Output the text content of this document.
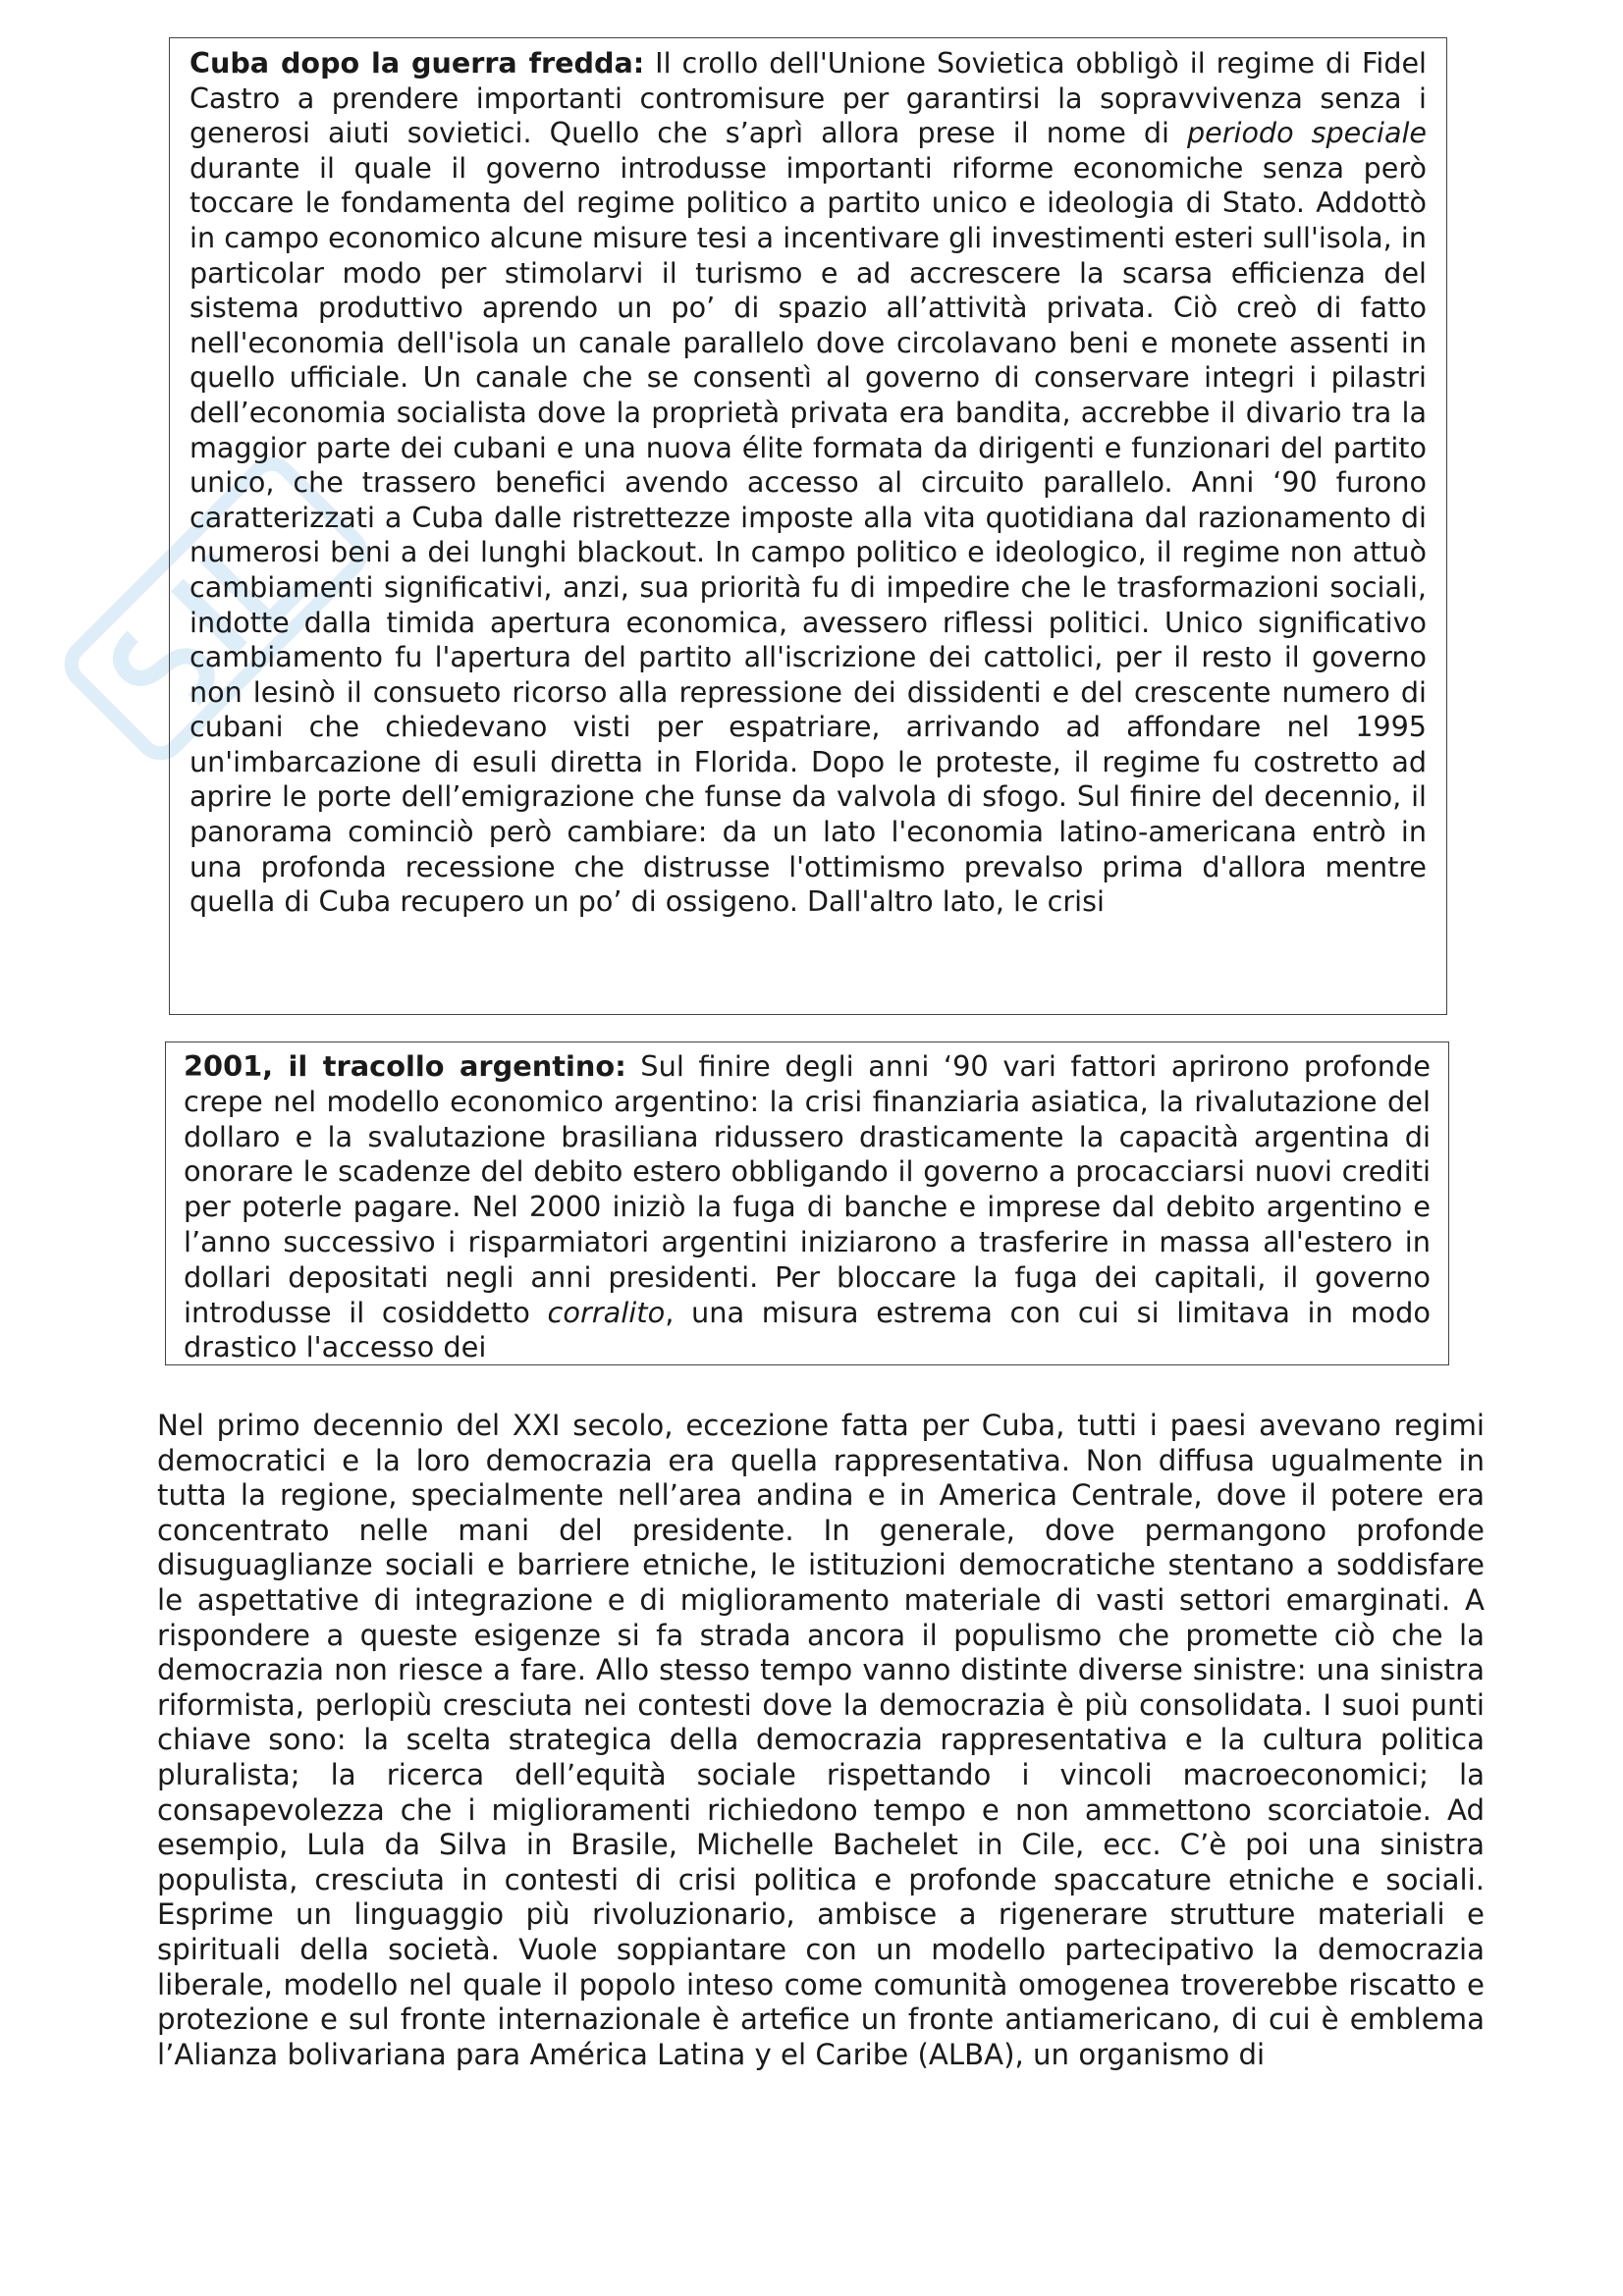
Cuba dopo la guerra fredda: Il crollo dell'Unione Sovietica obbligò il regime di Fidel Castro a prendere importanti contromisure per garantirsi la sopravvivenza senza i generosi aiuti sovietici. Quello che s’aprì allora prese il nome di periodo speciale durante il quale il governo introdusse importanti riforme economiche senza però toccare le fondamenta del regime politico a partito unico e ideologia di Stato. Addottò in campo economico alcune misure tesi a incentivare gli investimenti esteri sull'isola, in particolar modo per stimolarvi il turismo e ad accrescere la scarsa efficienza del sistema produttivo aprendo un po’ di spazio all’attività privata. Ciò creò di fatto nell'economia dell'isola un canale parallelo dove circolavano beni e monete assenti in quello ufficiale. Un canale che se consentì al governo di conservare integri i pilastri dell’economia socialista dove la proprietà privata era bandita, accrebbe il divario tra la maggior parte dei cubani e una nuova élite formata da dirigenti e funzionari del partito unico, che trassero benefici avendo accesso al circuito parallelo. Anni ‘90 furono caratterizzati a Cuba dalle ristrettezze imposte alla vita quotidiana dal razionamento di numerosi beni a dei lunghi blackout. In campo politico e ideologico, il regime non attuò cambiamenti significativi, anzi, sua priorità fu di impedire che le trasformazioni sociali, indotte dalla timida apertura economica, avessero riflessi politici. Unico significativo cambiamento fu l'apertura del partito all'iscrizione dei cattolici, per il resto il governo non lesinò il consueto ricorso alla repressione dei dissidenti e del crescente numero di cubani che chiedevano visti per espatriare, arrivando ad affondare nel 1995 un'imbarcazione di esuli diretta in Florida. Dopo le proteste, il regime fu costretto ad aprire le porte dell’emigrazione che funse da valvola di sfogo. Sul finire del decennio, il panorama cominciò però cambiare: da un lato l'economia latino-americana entrò in una profonda recessione che distrusse l'ottimismo prevalso prima d'allora mentre quella di Cuba recupero un po’ di ossigeno. Dall'altro lato, le crisi

2001, il tracollo argentino: Sul finire degli anni ‘90 vari fattori aprirono profonde crepe nel modello economico argentino: la crisi finanziaria asiatica, la rivalutazione del dollaro e la svalutazione brasiliana ridussero drasticamente la capacità argentina di onorare le scadenze del debito estero obbligando il governo a procacciarsi nuovi crediti per poterle pagare. Nel 2000 iniziò la fuga di banche e imprese dal debito argentino e l’anno successivo i risparmiatori argentini iniziarono a trasferire in massa all'estero in dollari depositati negli anni presidenti. Per bloccare la fuga dei capitali, il governo introdusse il cosiddetto corralito, una misura estrema con cui si limitava in modo drastico l'accesso dei

Nel primo decennio del XXI secolo, eccezione fatta per Cuba, tutti i paesi avevano regimi democratici e la loro democrazia era quella rappresentativa. Non diffusa ugualmente in tutta la regione, specialmente nell’area andina e in America Centrale, dove il potere era concentrato nelle mani del presidente. In generale, dove permangono profonde disuguaglianze sociali e barriere etniche, le istituzioni democratiche stentano a soddisfare le aspettative di integrazione e di miglioramento materiale di vasti settori emarginati. A rispondere a queste esigenze si fa strada ancora il populismo che promette ciò che la democrazia non riesce a fare. Allo stesso tempo vanno distinte diverse sinistre: una sinistra riformista, perlopiù cresciuta nei contesti dove la democrazia è più consolidata. I suoi punti chiave sono: la scelta strategica della democrazia rappresentativa e la cultura politica pluralista; la ricerca dell’equità sociale rispettando i vincoli macroeconomici; la consapevolezza che i miglioramenti richiedono tempo e non ammettono scorciatoie. Ad esempio, Lula da Silva in Brasile, Michelle Bachelet in Cile, ecc. C’è poi una sinistra populista, cresciuta in contesti di crisi politica e profonde spaccature etniche e sociali. Esprime un linguaggio più rivoluzionario, ambisce a rigenerare strutture materiali e spirituali della società. Vuole soppiantare con un modello partecipativo la democrazia liberale, modello nel quale il popolo inteso come comunità omogenea troverebbe riscatto e protezione e sul fronte internazionale è artefice un fronte antiamericano, di cui è emblema l’Alianza bolivariana para América Latina y el Caribe (ALBA), un organismo di
